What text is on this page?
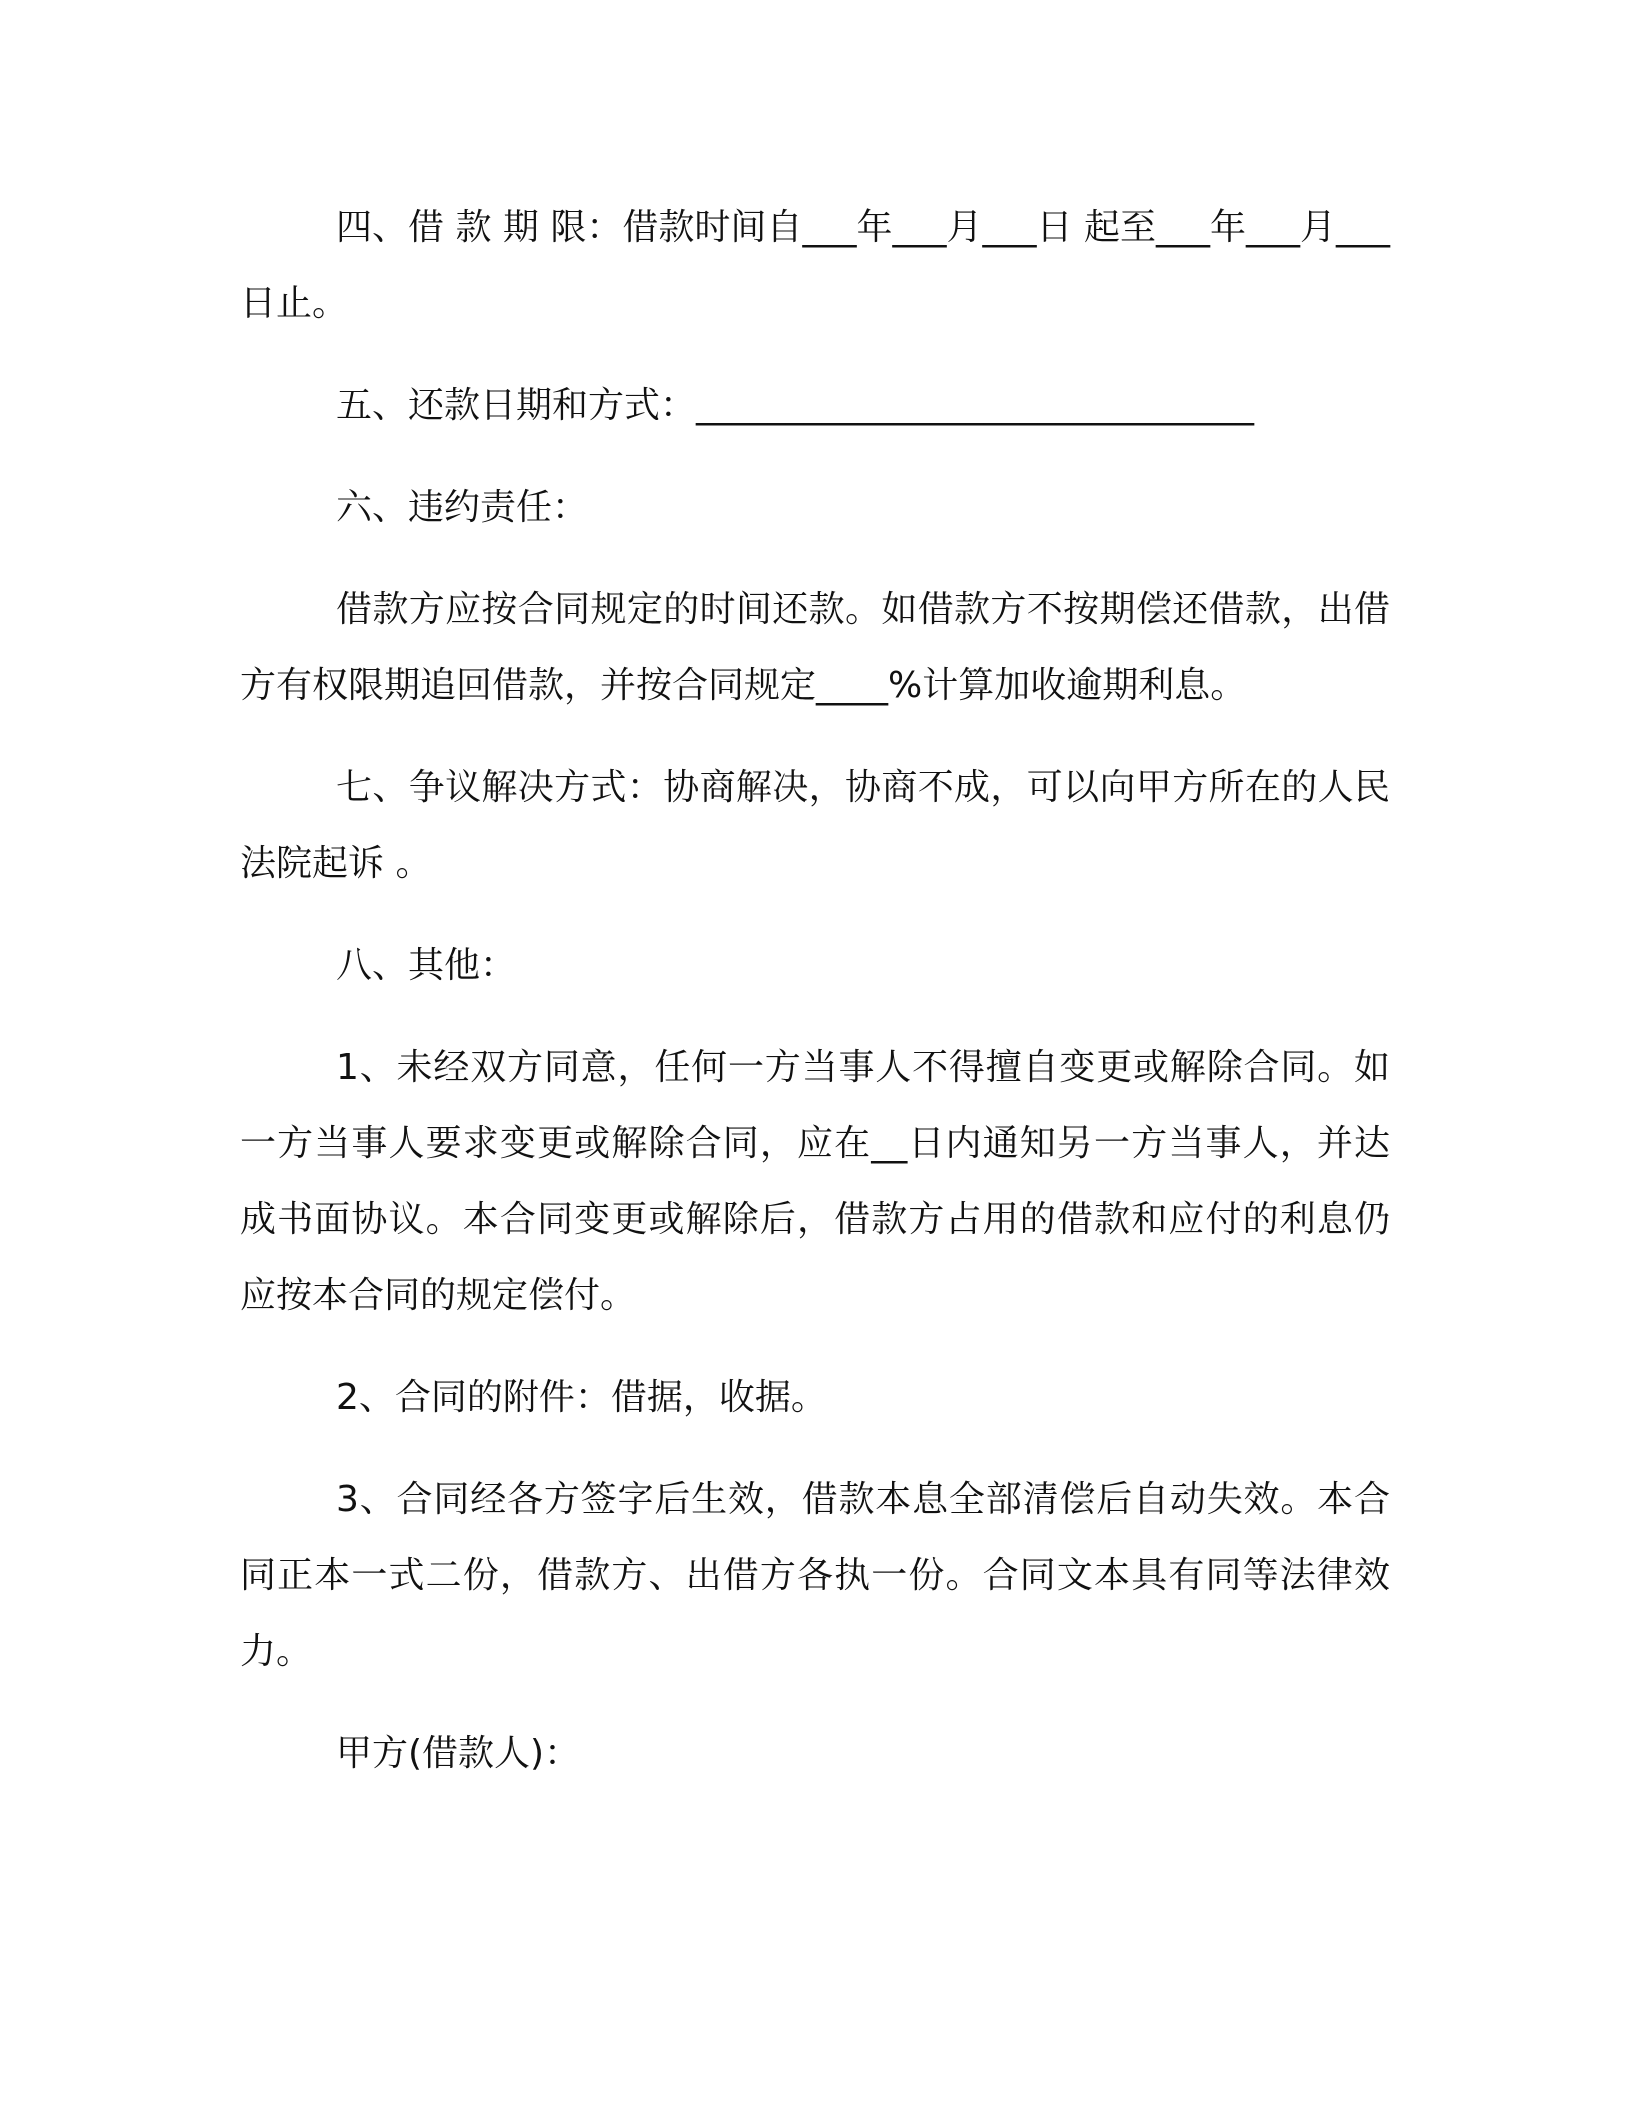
四、借 款 期 限：借款时间自___年___月___日 起至___年___月___ 日止。

五、还款日期和方式：_______________________________

六、违约责任：

借款方应按合同规定的时间还款。如借款方不按期偿还借款，出借方有权限期追回借款，并按合同规定____%计算加收逾期利息。

七、争议解决方式：协商解决，协商不成，可以向甲方所在的人民法院起诉 。

八、其他：

1、未经双方同意，任何一方当事人不得擅自变更或解除合同。如一方当事人要求变更或解除合同，应在__日内通知另一方当事人，并达成书面协议。本合同变更或解除后，借款方占用的借款和应付的利息仍应按本合同的规定偿付。

2、合同的附件：借据，收据。

3、合同经各方签字后生效，借款本息全部清偿后自动失效。本合同正本一式二份，借款方、出借方各执一份。合同文本具有同等法律效力。

甲方(借款人)：
